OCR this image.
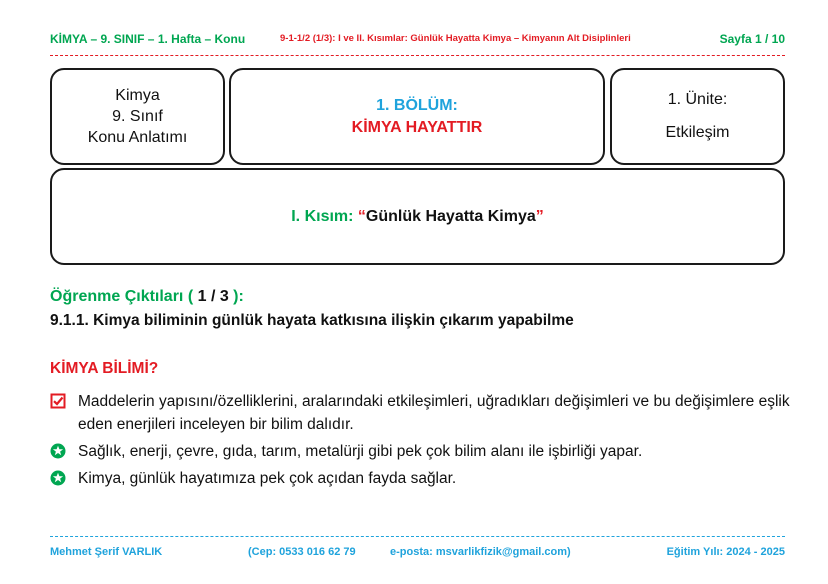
KİMYA – 9. SINIF – 1. Hafta – Konu	9-1-1/2 (1/3): I ve II. Kısımlar: Günlük Hayatta Kimya – Kimyanın Alt Disiplinleri	Sayfa 1 / 10
Kimya
9. Sınıf
Konu Anlatımı
1. BÖLÜM:
KİMYA HAYATTIR
1. Ünite:
Etkileşim
I. Kısım: “Günlük Hayatta Kimya”
Öğrenme Çıktıları ( 1 / 3 ):
9.1.1. Kimya biliminin günlük hayata katkısına ilişkin çıkarım yapabilme
KİMYA BİLİMİ?
Maddelerin yapısını/özelliklerini, aralarındaki etkileşimleri, uğradıkları değişimleri ve bu değişimlere eşlik eden enerjileri inceleyen bir bilim dalıdır.
Sağlık, enerji, çevre, gıda, tarım, metalürji gibi pek çok bilim alanı ile işbirliği yapar.
Kimya, günlük hayatımıza pek çok açıdan fayda sağlar.
Mehmet Şerif VARLIK	(Cep: 0533 016 62 79	e-posta: msvarlikfizik@gmail.com)	Eğitim Yılı: 2024 - 2025
